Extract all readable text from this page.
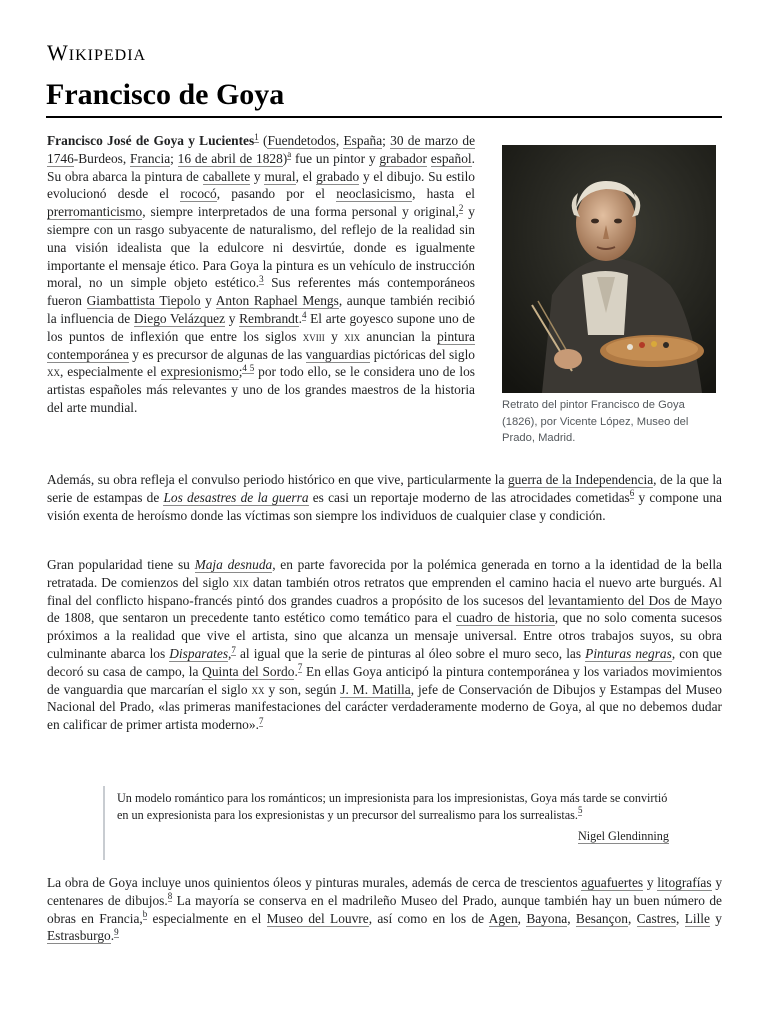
WIKIPEDIA
Francisco de Goya
Retrato del pintor Francisco de Goya (1826), por Vicente López, Museo del Prado, Madrid.

Francisco José de Goya y Lucientes$^1$ (Fuendetodos, España; 30 de marzo de 1746-Burdeos, Francia; 16 de abril de 1828)$^a$ fue un pintor y grabador español. Su obra abarca la pintura de caballete y mural, el grabado y el dibujo. Su estilo evolucionó desde el rococó, pasando por el neoclasicismo, hasta el prerromanticismo, siempre interpretados de una forma personal y original,$^2$ y siempre con un rasgo subyacente de naturalismo, del reflejo de la realidad sin una visión idealista que la edulcore ni desvirtúe, donde es igualmente importante el mensaje ético. Para Goya la pintura es un vehículo de instrucción moral, no un simple objeto estético.$^3$ Sus referentes más contemporáneos fueron Giambattista Tiepolo y Anton Raphael Mengs, aunque también recibió la influencia de Diego Velázquez y Rembrandt.$^4$ El arte goyesco supone uno de los puntos de inflexión que entre los siglos xviii y xix anuncian la pintura contemporánea y es precursor de algunas de las vanguardias pictóricas del siglo xx, especialmente el expresionismo;$^{4 5}$ por todo ello, se le considera uno de los artistas españoles más relevantes y uno de los grandes maestros de la historia del arte mundial.

Además, su obra refleja el convulso periodo histórico en que vive, particularmente la guerra de la Independencia, de la que la serie de estampas de Los desastres de la guerra es casi un reportaje moderno de las atrocidades cometidas$^6$ y compone una visión exenta de heroísmo donde las víctimas son siempre los individuos de cualquier clase y condición.

Gran popularidad tiene su Maja desnuda, en parte favorecida por la polémica generada en torno a la identidad de la bella retratada. De comienzos del siglo xix datan también otros retratos que emprenden el camino hacia el nuevo arte burgués. Al final del conflicto hispano-francés pintó dos grandes cuadros a propósito de los sucesos del levantamiento del Dos de Mayo de 1808, que sentaron un precedente tanto estético como temático para el cuadro de historia, que no solo comenta sucesos próximos a la realidad que vive el artista, sino que alcanza un mensaje universal. Entre otros trabajos suyos, su obra culminante abarca los Disparates,$^7$ al igual que la serie de pinturas al óleo sobre el muro seco, las Pinturas negras, con que decoró su casa de campo, la Quinta del Sordo.$^7$ En ellas Goya anticipó la pintura contemporánea y los variados movimientos de vanguardia que marcarían el siglo xx y son, según J. M. Matilla, jefe de Conservación de Dibujos y Estampas del Museo Nacional del Prado, «las primeras manifestaciones del carácter verdaderamente moderno de Goya, al que no debemos dudar en calificar de primer artista moderno».$^7$

Un modelo romántico para los románticos; un impresionista para los impresionistas, Goya más tarde se convirtió en un expresionista para los expresionistas y un precursor del surrealismo para los surrealistas.$^5$

Nigel Glendinning

La obra de Goya incluye unos quinientos óleos y pinturas murales, además de cerca de trescientos aguafuertes y litografías y centenares de dibujos.$^8$ La mayoría se conserva en el madrileño Museo del Prado, aunque también hay un buen número de obras en Francia,$^b$ especialmente en el Museo del Louvre, así como en los de Agen, Bayona, Besançon, Castres, Lille y Estrasburgo.$^9$
